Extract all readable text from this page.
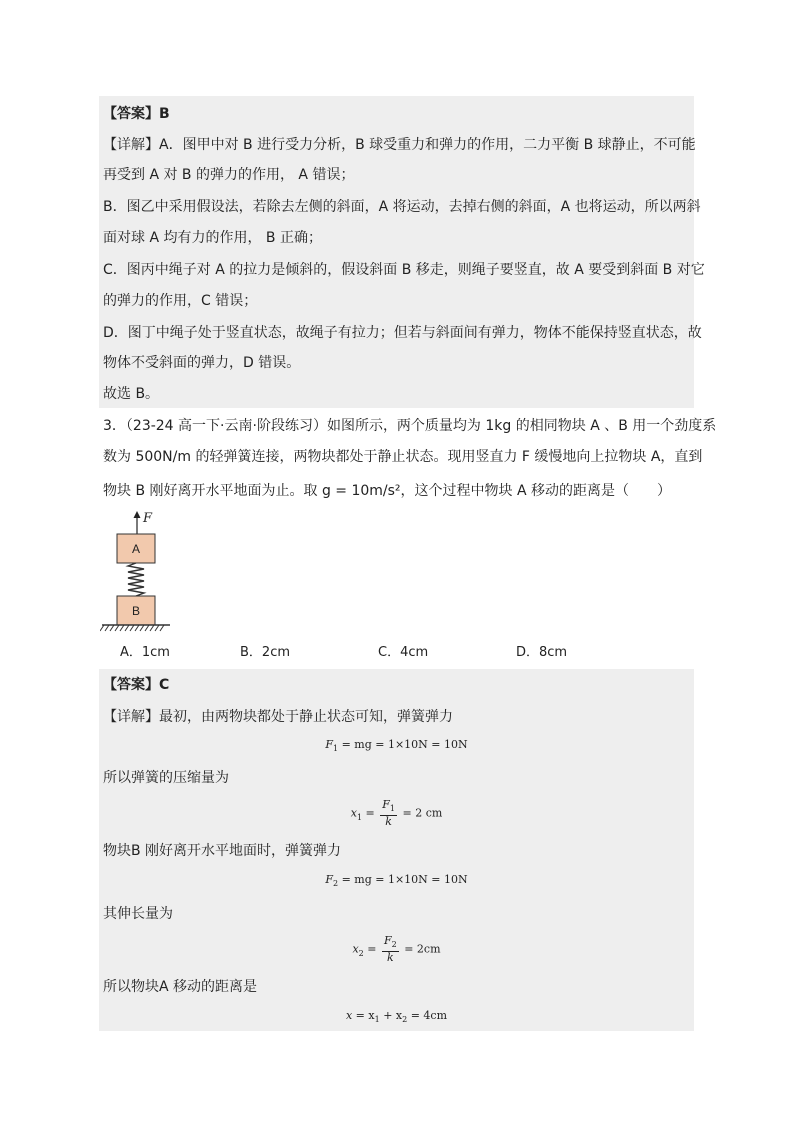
【答案】B
【详解】A．图甲中对 B 进行受力分析，B 球受重力和弹力的作用，二力平衡 B 球静止，不可能
再受到 A 对 B 的弹力的作用， A 错误；
B．图乙中采用假设法，若除去左侧的斜面，A 将运动，去掉右侧的斜面，A 也将运动，所以两斜
面对球 A 均有力的作用， B 正确；
C．图丙中绳子对 A 的拉力是倾斜的，假设斜面 B 移走，则绳子要竖直，故 A 要受到斜面 B 对它
的弹力的作用，C 错误；
D．图丁中绳子处于竖直状态，故绳子有拉力；但若与斜面间有弹力，物体不能保持竖直状态，故
物体不受斜面的弹力，D 错误。
故选 B。
3．（23-24 高一下·云南·阶段练习）如图所示，两个质量均为 1kg 的相同物块 A 、B 用一个劲度系
数为 500N/m 的轻弹簧连接，两物块都处于静止状态。现用竖直力 F 缓慢地向上拉物块 A，直到
物块 B 刚好离开水平地面为止。取 g = 10m/s²，这个过程中物块 A 移动的距离是（　　）
F
A
B
A．1cm	B．2cm	C．4cm	D．8cm
【答案】C
【详解】最初，由两物块都处于静止状态可知，弹簧弹力
$F_1$ = mg = 1×10N = 10N
所以弹簧的压缩量为
$x_1 = \frac{F_1}{k} = 2$ cm
物块B 刚好离开水平地面时，弹簧弹力
$F_2$ = mg = 1×10N = 10N
其伸长量为
$x_2 = \frac{F_2}{k} = 2cm$
所以物块A 移动的距离是
$x = x_1 + x_2 = 4cm$
